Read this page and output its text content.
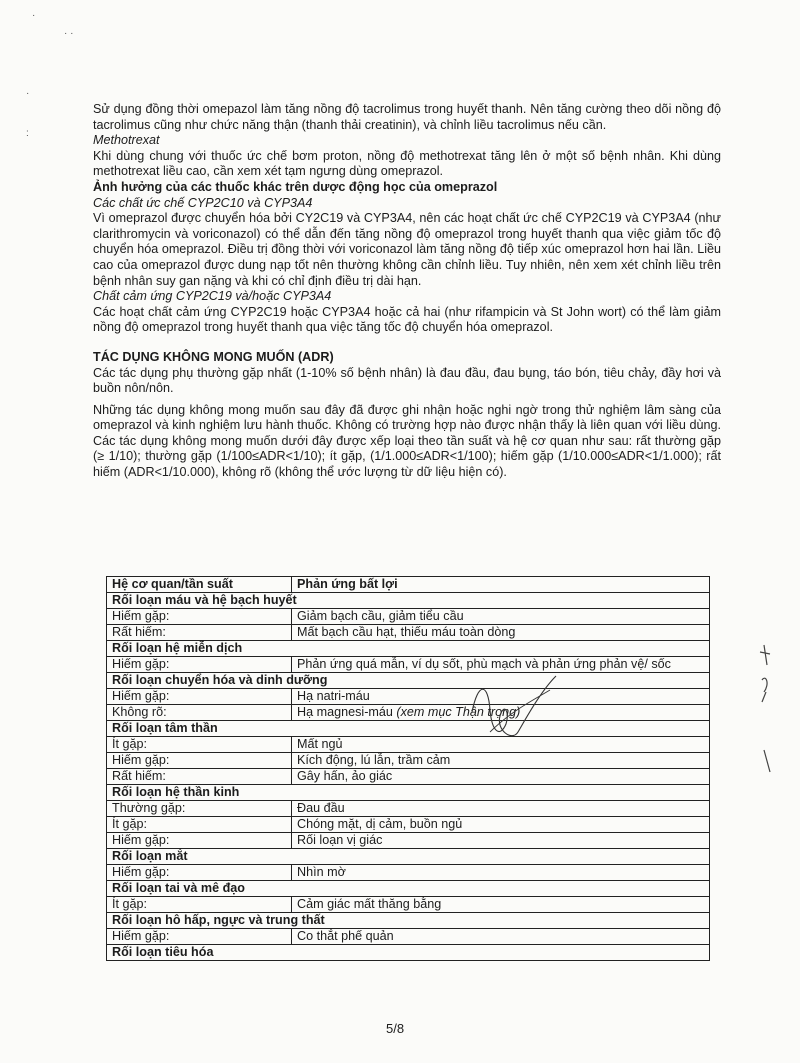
Sử dụng đồng thời omepazol làm tăng nồng độ tacrolimus trong huyết thanh. Nên tăng cường theo dõi nồng độ tacrolimus cũng như chức năng thận (thanh thải creatinin), và chỉnh liều tacrolimus nếu cần.

Methotrexat

Khi dùng chung với thuốc ức chế bơm proton, nồng độ methotrexat tăng lên ở một số bệnh nhân. Khi dùng methotrexat liều cao, cần xem xét tạm ngưng dùng omeprazol.

Ảnh hưởng của các thuốc khác trên dược động học của omeprazol

Các chất ức chế CYP2C10 và CYP3A4

Vì omeprazol được chuyển hóa bởi CY2C19 và CYP3A4, nên các hoạt chất ức chế CYP2C19 và CYP3A4 (như clarithromycin và voriconazol) có thể dẫn đến tăng nồng độ omeprazol trong huyết thanh qua việc giảm tốc độ chuyển hóa omeprazol. Điều trị đồng thời với voriconazol làm tăng nồng độ tiếp xúc omeprazol hơn hai lần. Liều cao của omeprazol được dung nạp tốt nên thường không cần chỉnh liều. Tuy nhiên, nên xem xét chỉnh liều trên bệnh nhân suy gan nặng và khi có chỉ định điều trị dài hạn.

Chất cảm ứng CYP2C19 và/hoặc CYP3A4

Các hoạt chất cảm ứng CYP2C19 hoặc CYP3A4 hoặc cả hai (như rifampicin và St John wort) có thể làm giảm nồng độ omeprazol trong huyết thanh qua việc tăng tốc độ chuyển hóa omeprazol.

TÁC DỤNG KHÔNG MONG MUỐN (ADR)

Các tác dụng phụ thường gặp nhất (1-10% số bệnh nhân) là đau đầu, đau bụng, táo bón, tiêu chảy, đầy hơi và buồn nôn/nôn.

Những tác dụng không mong muốn sau đây đã được ghi nhận hoặc nghi ngờ trong thử nghiệm lâm sàng của omeprazol và kinh nghiệm lưu hành thuốc. Không có trường hợp nào được nhận thấy là liên quan với liều dùng. Các tác dụng không mong muốn dưới đây được xếp loại theo tần suất và hệ cơ quan như sau: rất thường gặp (≥ 1/10); thường gặp (1/100≤ADR<1/10); ít gặp, (1/1.000≤ADR<1/100); hiếm gặp (1/10.000≤ADR<1/1.000); rất hiếm (ADR<1/10.000), không rõ (không thể ước lượng từ dữ liệu hiện có).

Hệ cơ quan/tần suất	Phản ứng bất lợi
Rối loạn máu và hệ bạch huyết	
Hiếm gặp:	Giảm bạch cầu, giảm tiểu cầu
Rất hiếm:	Mất bạch cầu hạt, thiếu máu toàn dòng
Rối loạn hệ miễn dịch	
Hiếm gặp:	Phản ứng quá mẫn, ví dụ sốt, phù mạch và phản ứng phản vệ/ sốc
Rối loạn chuyển hóa và dinh dưỡng	
Hiếm gặp:	Hạ natri-máu
Không rõ:	Hạ magnesi-máu (xem mục Thận trọng)
Rối loạn tâm thần	
Ít gặp:	Mất ngủ
Hiếm gặp:	Kích động, lú lẫn, trầm cảm
Rất hiếm:	Gây hấn, ảo giác
Rối loạn hệ thần kinh	
Thường gặp:	Đau đầu
Ít gặp:	Chóng mặt, dị cảm, buồn ngủ
Hiếm gặp:	Rối loạn vị giác
Rối loạn mắt	
Hiếm gặp:	Nhìn mờ
Rối loạn tai và mê đạo	
Ít gặp:	Cảm giác mất thăng bằng
Rối loạn hô hấp, ngực và trung thất	
Hiếm gặp:	Co thắt phế quản
Rối loạn tiêu hóa	
5/8
·
· ·
·
:
